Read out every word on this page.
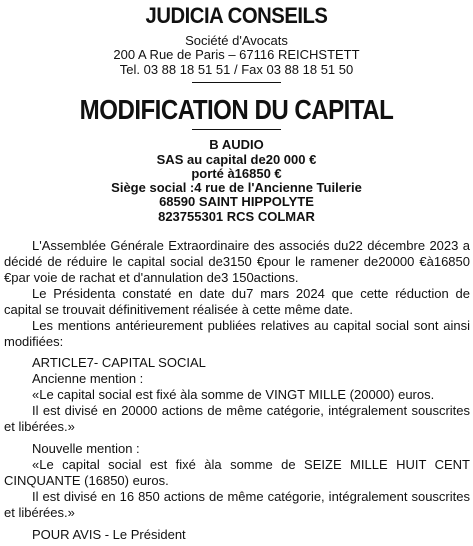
JUDICIA CONSEILS
Société d'Avocats
200 A Rue de Paris – 67116 REICHSTETT
Tel. 03 88 18 51 51 / Fax 03 88 18 51 50
MODIFICATION DU CAPITAL
B AUDIO
SAS au capital de20 000 €
porté à16850 €
Siège social :4 rue de l'Ancienne Tuilerie
68590 SAINT HIPPOLYTE
823755301 RCS COLMAR
L'Assemblée Générale Extraordinaire des associés du22 décembre 2023 a décidé de réduire le capital social de3150 €pour le ramener de20000 €à16850 €par voie de rachat et d'annulation de3 150actions.
Le Présidenta constaté en date du7 mars 2024 que cette réduction de capital se trouvait définitivement réalisée à cette même date.
Les mentions antérieurement publiées relatives au capital social sont ainsi modifiées:
ARTICLE7- CAPITAL SOCIAL
Ancienne mention :
«Le capital social est fixé àla somme de VINGT MILLE (20000) euros.
Il est divisé en 20000 actions de même catégorie, intégralement souscrites et libérées.»
Nouvelle mention :
«Le capital social est fixé àla somme de SEIZE MILLE HUIT CENT CINQUANTE (16850) euros.
Il est divisé en 16 850 actions de même catégorie, intégralement souscrites et libérées.»
POUR AVIS - Le Président
